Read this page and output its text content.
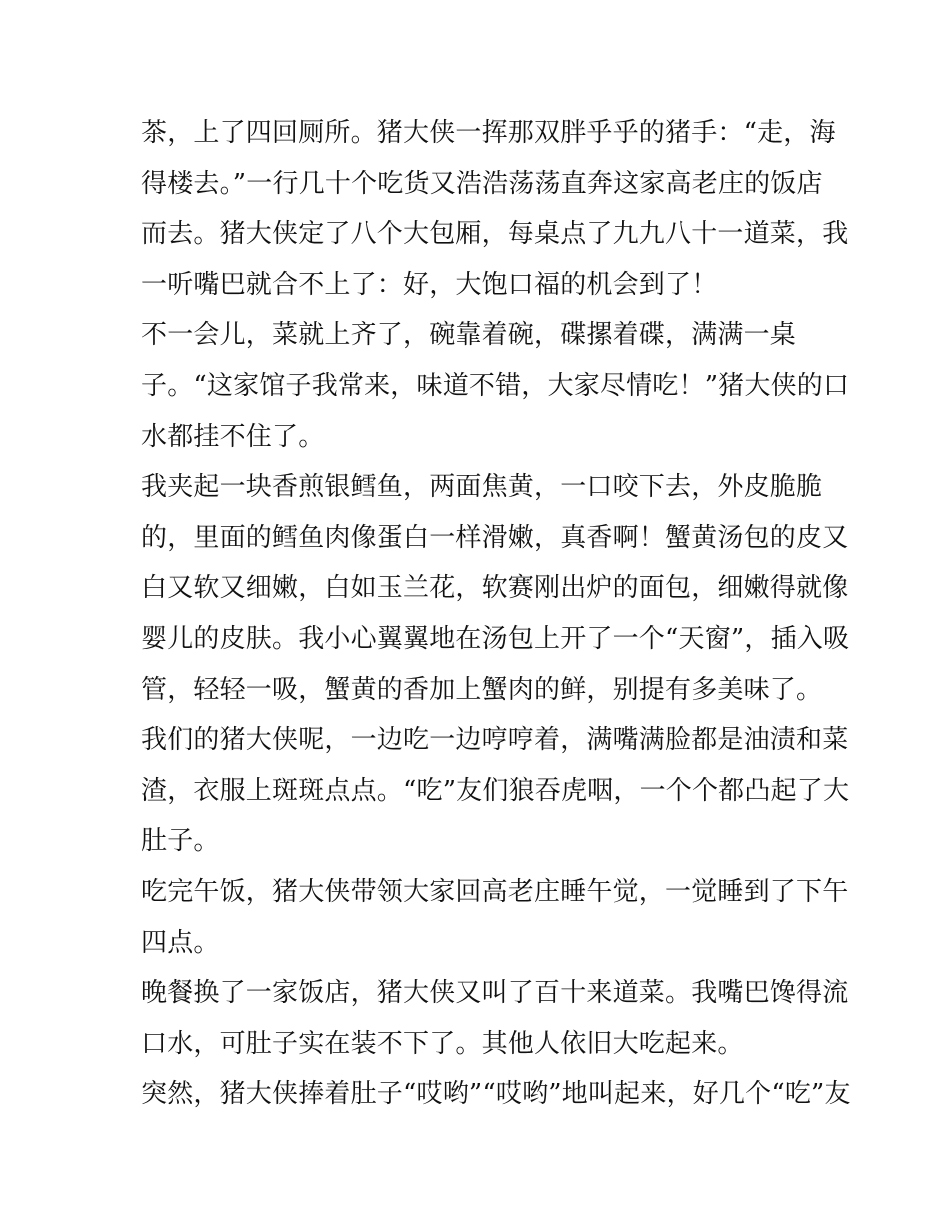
茶，上了四回厕所。猪大侠一挥那双胖乎乎的猪手：“走，海
得楼去。”一行几十个吃货又浩浩荡荡直奔这家高老庄的饭店
而去。猪大侠定了八个大包厢，每桌点了九九八十一道菜，我
一听嘴巴就合不上了：好，大饱口福的机会到了！
不一会儿，菜就上齐了，碗靠着碗，碟摞着碟，满满一桌
子。“这家馆子我常来，味道不错，大家尽情吃！”猪大侠的口
水都挂不住了。
我夹起一块香煎银鳕鱼，两面焦黄，一口咬下去，外皮脆脆
的，里面的鳕鱼肉像蛋白一样滑嫩，真香啊！蟹黄汤包的皮又
白又软又细嫩，白如玉兰花，软赛刚出炉的面包，细嫩得就像
婴儿的皮肤。我小心翼翼地在汤包上开了一个“天窗”，插入吸
管，轻轻一吸，蟹黄的香加上蟹肉的鲜，别提有多美味了。
我们的猪大侠呢，一边吃一边哼哼着，满嘴满脸都是油渍和菜
渣，衣服上斑斑点点。“吃”友们狼吞虎咽，一个个都凸起了大
肚子。
吃完午饭，猪大侠带领大家回高老庄睡午觉，一觉睡到了下午
四点。
晚餐换了一家饭店，猪大侠又叫了百十来道菜。我嘴巴馋得流
口水，可肚子实在装不下了。其他人依旧大吃起来。
突然，猪大侠捧着肚子“哎哟”“哎哟”地叫起来，好几个“吃”友
